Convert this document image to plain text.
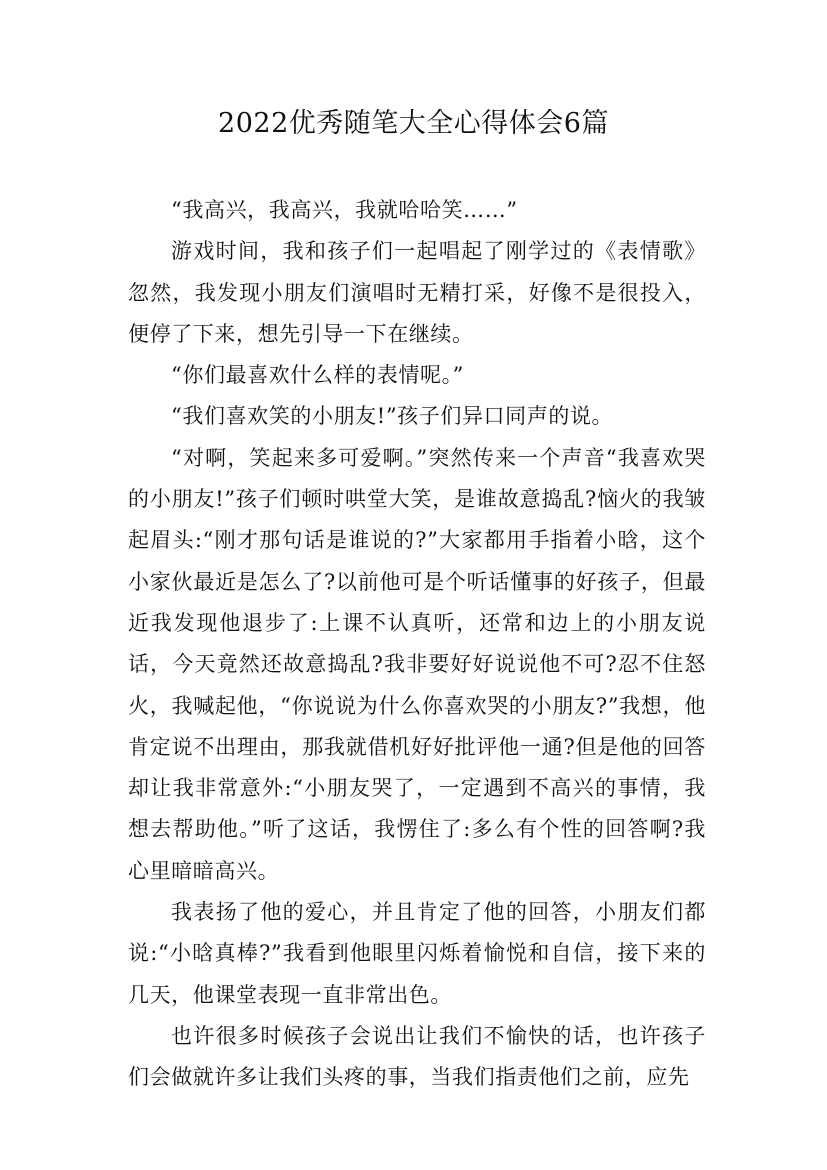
2022优秀随笔大全心得体会6篇

“我高兴，我高兴，我就哈哈笑……”

游戏时间，我和孩子们一起唱起了刚学过的《表情歌》忽然，我发现小朋友们演唱时无精打采，好像不是很投入，便停了下来，想先引导一下在继续。

“你们最喜欢什么样的表情呢。”

“我们喜欢笑的小朋友!”孩子们异口同声的说。

“对啊，笑起来多可爱啊。”突然传来一个声音“我喜欢哭的小朋友!”孩子们顿时哄堂大笑，是谁故意捣乱?恼火的我皱起眉头:“刚才那句话是谁说的?”大家都用手指着小晗，这个小家伙最近是怎么了?以前他可是个听话懂事的好孩子，但最近我发现他退步了:上课不认真听，还常和边上的小朋友说话，今天竟然还故意捣乱?我非要好好说说他不可?忍不住怒火，我喊起他，“你说说为什么你喜欢哭的小朋友?”我想，他肯定说不出理由，那我就借机好好批评他一通?但是他的回答却让我非常意外:“小朋友哭了，一定遇到不高兴的事情，我想去帮助他。”听了这话，我愣住了:多么有个性的回答啊?我心里暗暗高兴。

我表扬了他的爱心，并且肯定了他的回答，小朋友们都说:“小晗真棒?”我看到他眼里闪烁着愉悦和自信，接下来的几天，他课堂表现一直非常出色。

也许很多时候孩子会说出让我们不愉快的话，也许孩子们会做就许多让我们头疼的事，当我们指责他们之前，应先
